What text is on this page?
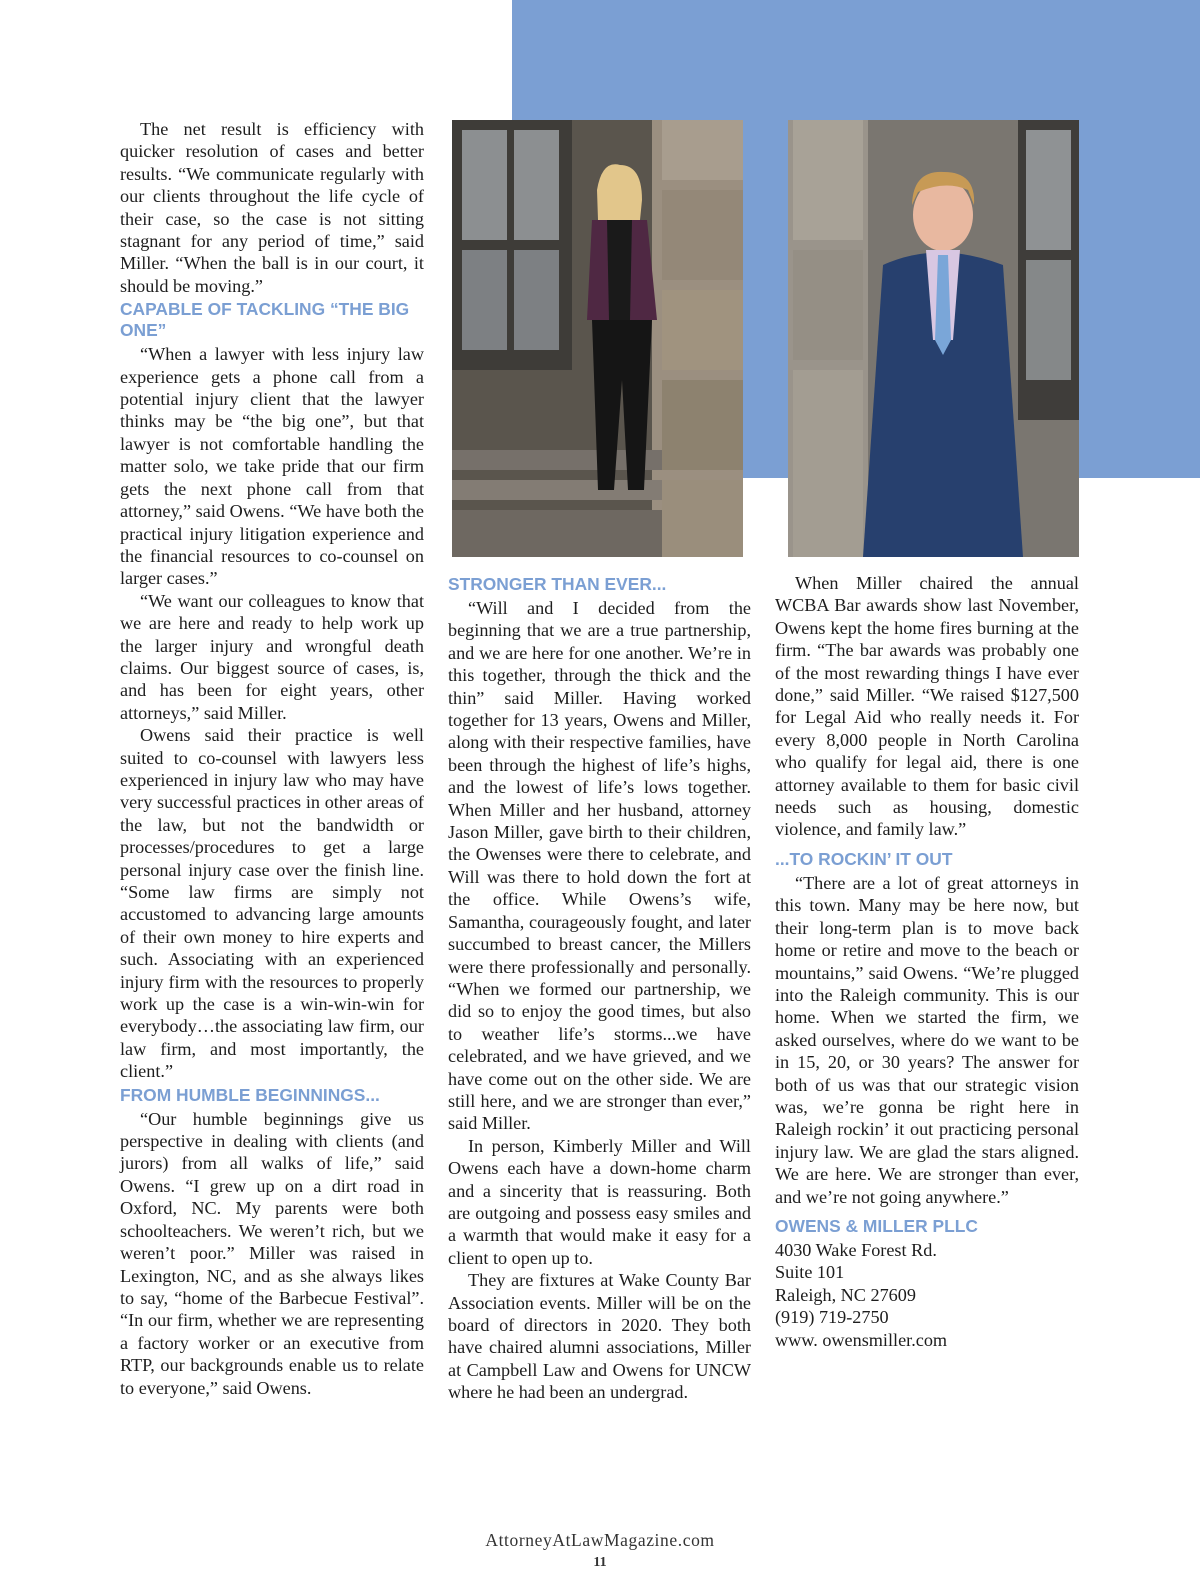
The net result is efficiency with quicker resolution of cases and better results. “We communicate regularly with our clients throughout the life cycle of their case, so the case is not sitting stagnant for any period of time,” said Miller. “When the ball is in our court, it should be moving.”

CAPABLE OF TACKLING “THE BIG ONE”

“When a lawyer with less injury law experience gets a phone call from a potential injury client that the lawyer thinks may be “the big one”, but that lawyer is not comfortable handling the matter solo, we take pride that our firm gets the next phone call from that attorney,” said Owens. “We have both the practical injury litigation experience and the financial resources to co-counsel on larger cases.”

“We want our colleagues to know that we are here and ready to help work up the larger injury and wrongful death claims. Our biggest source of cases, is, and has been for eight years, other attorneys,” said Miller.

Owens said their practice is well suited to co-counsel with lawyers less experienced in injury law who may have very successful practices in other areas of the law, but not the bandwidth or processes/procedures to get a large personal injury case over the finish line. “Some law firms are simply not accustomed to advancing large amounts of their own money to hire experts and such. Associating with an experienced injury firm with the resources to properly work up the case is a win-win-win for everybody…the associating law firm, our law firm, and most importantly, the client.”

FROM HUMBLE BEGINNINGS...

“Our humble beginnings give us perspective in dealing with clients (and jurors) from all walks of life,” said Owens. “I grew up on a dirt road in Oxford, NC. My parents were both schoolteachers. We weren’t rich, but we weren’t poor.” Miller was raised in Lexington, NC, and as she always likes to say, “home of the Barbecue Festival”. “In our firm, whether we are representing a factory worker or an executive from RTP, our backgrounds enable us to relate to everyone,” said Owens.

STRONGER THAN EVER...

“Will and I decided from the beginning that we are a true partnership, and we are here for one another. We’re in this together, through the thick and the thin” said Miller. Having worked together for 13 years, Owens and Miller, along with their respective families, have been through the highest of life’s highs, and the lowest of life’s lows together. When Miller and her husband, attorney Jason Miller, gave birth to their children, the Owenses were there to celebrate, and Will was there to hold down the fort at the office. While Owens’s wife, Samantha, courageously fought, and later succumbed to breast cancer, the Millers were there professionally and personally. “When we formed our partnership, we did so to enjoy the good times, but also to weather life’s storms...we have celebrated, and we have grieved, and we have come out on the other side. We are still here, and we are stronger than ever,” said Miller.

In person, Kimberly Miller and Will Owens each have a down-home charm and a sincerity that is reassuring. Both are outgoing and possess easy smiles and a warmth that would make it easy for a client to open up to.

They are fixtures at Wake County Bar Association events. Miller will be on the board of directors in 2020. They both have chaired alumni associations, Miller at Campbell Law and Owens for UNCW where he had been an undergrad.

When Miller chaired the annual WCBA Bar awards show last November, Owens kept the home fires burning at the firm. “The bar awards was probably one of the most rewarding things I have ever done,” said Miller. “We raised $127,500 for Legal Aid who really needs it. For every 8,000 people in North Carolina who qualify for legal aid, there is one attorney available to them for basic civil needs such as housing, domestic violence, and family law.”

...TO ROCKIN’ IT OUT

“There are a lot of great attorneys in this town. Many may be here now, but their long-term plan is to move back home or retire and move to the beach or mountains,” said Owens. “We’re plugged into the Raleigh community. This is our home. When we started the firm, we asked ourselves, where do we want to be in 15, 20, or 30 years? The answer for both of us was that our strategic vision was, we’re gonna be right here in Raleigh rockin’ it out practicing personal injury law. We are glad the stars aligned. We are here. We are stronger than ever, and we’re not going anywhere.”

OWENS & MILLER PLLC

4030 Wake Forest Rd.

Suite 101

Raleigh, NC 27609

(919) 719-2750

www. owensmiller.com

AttorneyAtLawMagazine.com
11
